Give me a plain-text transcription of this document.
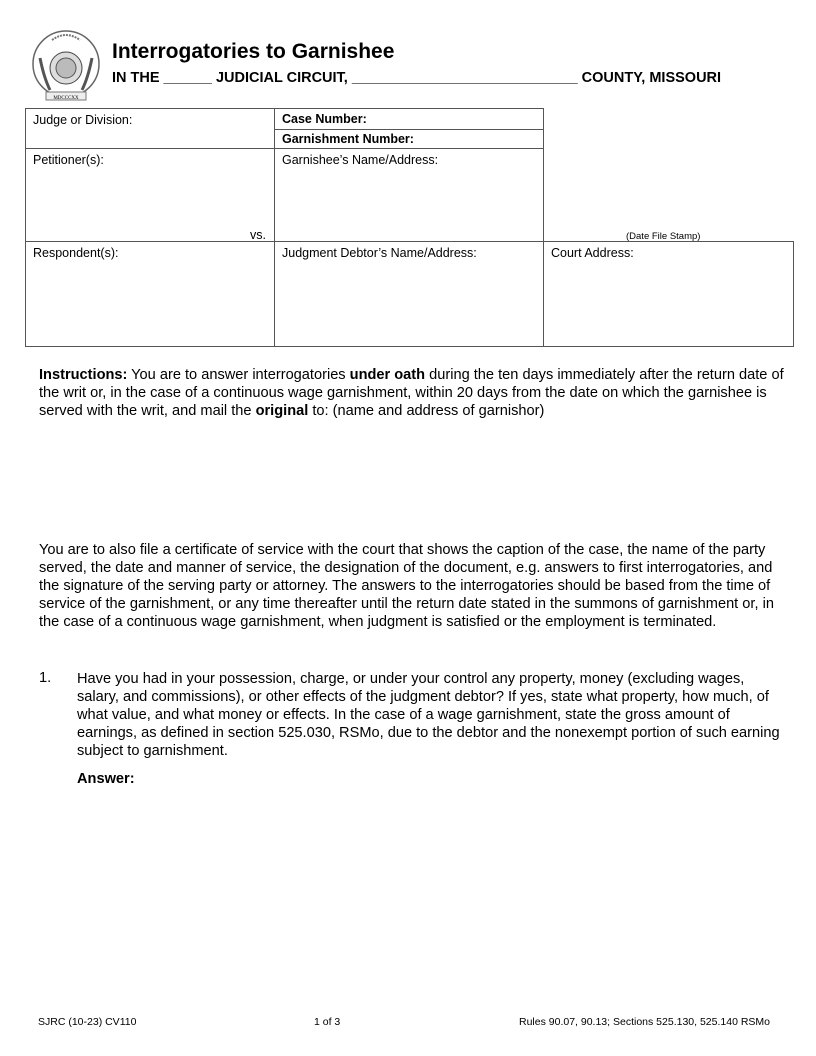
MDCCCXX
Interrogatories to Garnishee
IN THE ______ JUDICIAL CIRCUIT, ____________________________ COUNTY, MISSOURI
Judge or Division:	Case Number:
Garnishment Number:
Petitioner(s):	Garnishee’s Name/Address:
vs.	(Date File Stamp)
Respondent(s):	Judgment Debtor’s Name/Address:	Court Address:
Instructions: You are to answer interrogatories under oath during the ten days immediately after the return date of the writ or, in the case of a continuous wage garnishment, within 20 days from the date on which the garnishee is served with the writ, and mail the original to: (name and address of garnishor)
You are to also file a certificate of service with the court that shows the caption of the case, the name of the party served, the date and manner of service, the designation of the document, e.g. answers to first interrogatories, and the signature of the serving party or attorney. The answers to the interrogatories should be based from the time of service of the garnishment, or any time thereafter until the return date stated in the summons of garnishment or, in the case of a continuous wage garnishment, when judgment is satisfied or the employment is terminated.
1. Have you had in your possession, charge, or under your control any property, money (excluding wages, salary, and commissions), or other effects of the judgment debtor? If yes, state what property, how much, of what value, and what money or effects. In the case of a wage garnishment, state the gross amount of earnings, as defined in section 525.030, RSMo, due to the debtor and the nonexempt portion of such earning subject to garnishment.
Answer:
SJRC (10-23) CV110	1 of 3	Rules 90.07, 90.13; Sections 525.130, 525.140 RSMo
